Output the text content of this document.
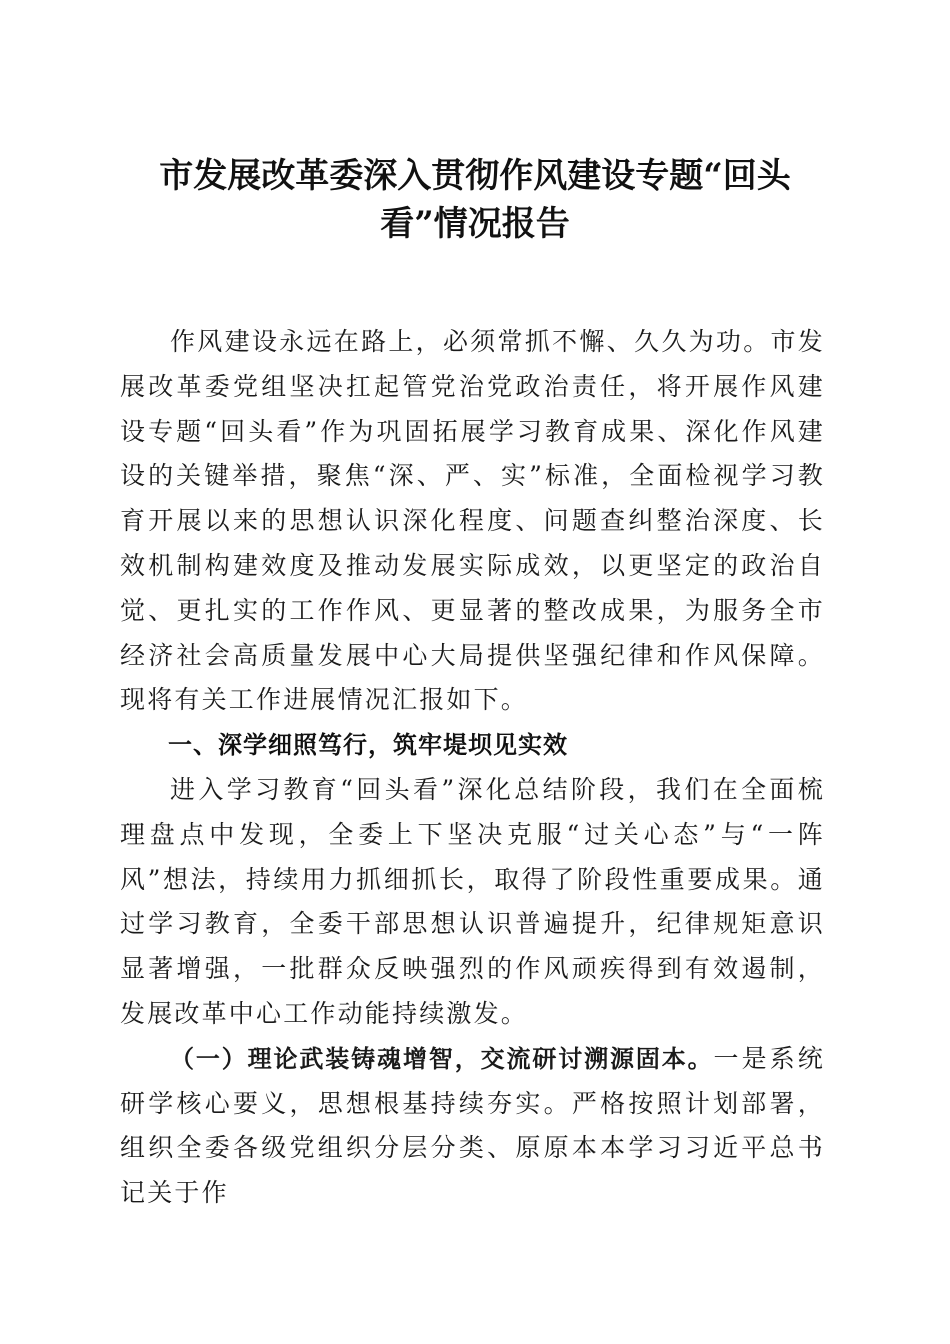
市发展改革委深入贯彻作风建设专题“回头
看”情况报告

作风建设永远在路上，必须常抓不懈、久久为功。市发展改革委党组坚决扛起管党治党政治责任，将开展作风建设专题“回头看”作为巩固拓展学习教育成果、深化作风建设的关键举措，聚焦“深、严、实”标准，全面检视学习教育开展以来的思想认识深化程度、问题查纠整治深度、长效机制构建效度及推动发展实际成效，以更坚定的政治自觉、更扎实的工作作风、更显著的整改成果，为服务全市经济社会高质量发展中心大局提供坚强纪律和作风保障。现将有关工作进展情况汇报如下。

一、深学细照笃行，筑牢堤坝见实效

进入学习教育“回头看”深化总结阶段，我们在全面梳理盘点中发现，全委上下坚决克服“过关心态”与“一阵风”想法，持续用力抓细抓长，取得了阶段性重要成果。通过学习教育，全委干部思想认识普遍提升，纪律规矩意识显著增强，一批群众反映强烈的作风顽疾得到有效遏制，发展改革中心工作动能持续激发。

（一）理论武装铸魂增智，交流研讨溯源固本。一是系统研学核心要义，思想根基持续夯实。严格按照计划部署，组织全委各级党组织分层分类、原原本本学习习近平总书记关于作
